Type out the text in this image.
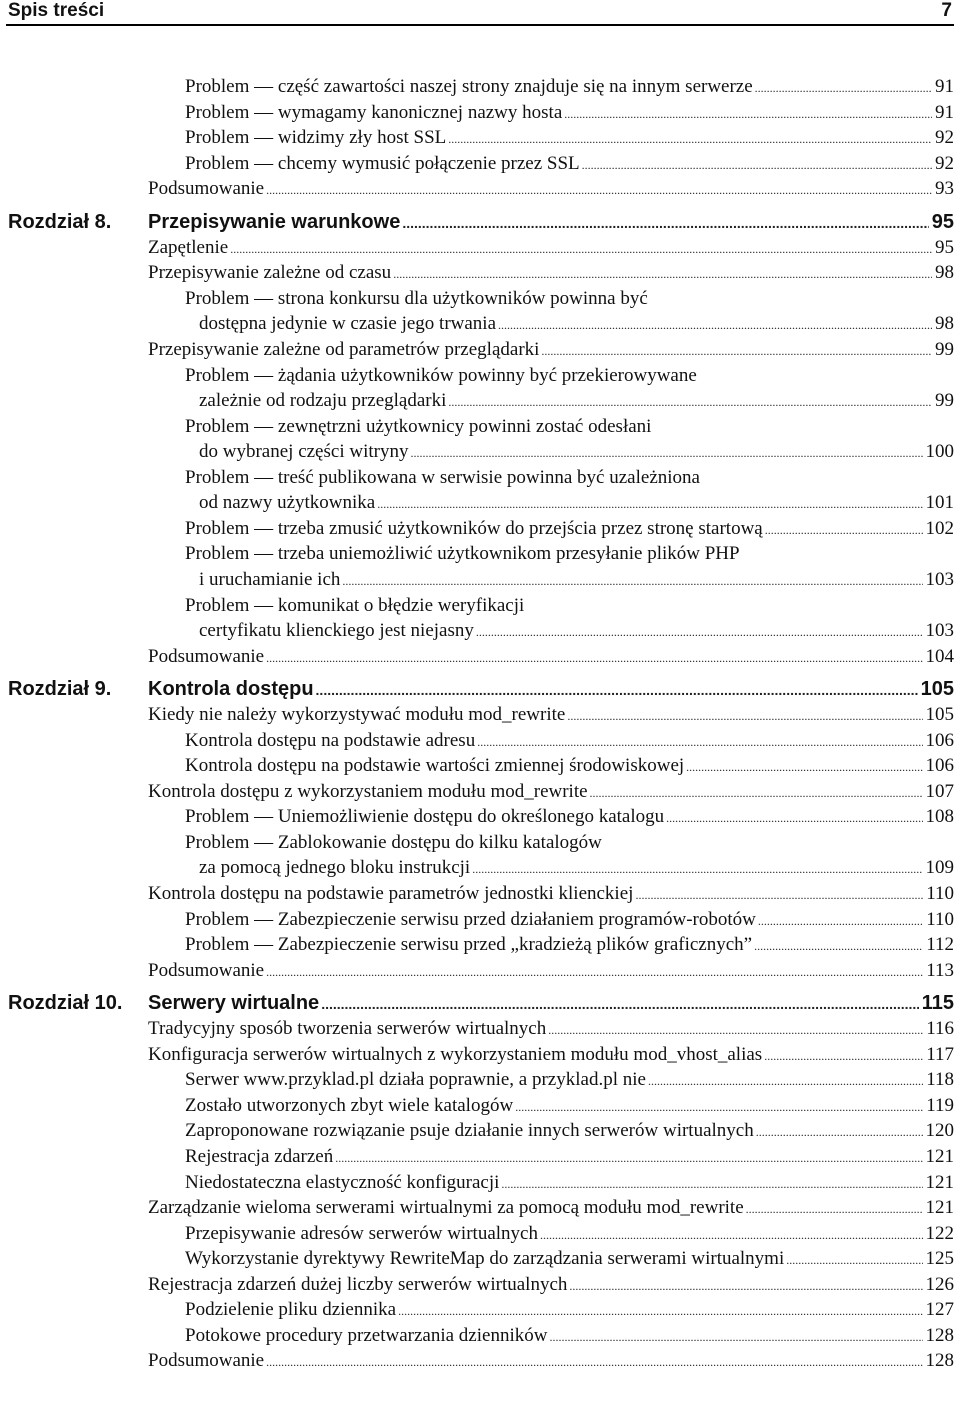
Spis treści	7
Problem — część zawartości naszej strony znajduje się na innym serwerze .....	91
Problem — wymagamy kanonicznej nazwy hosta .....	91
Problem — widzimy zły host SSL .....	92
Problem — chcemy wymusić połączenie przez SSL .....	92
Podsumowanie .....	93
Rozdział 8.	Przepisywanie warunkowe .....	95
Zapętlenie .....	95
Przepisywanie zależne od czasu .....	98
Problem — strona konkursu dla użytkowników powinna być
dostępna jedynie w czasie jego trwania .....	98
Przepisywanie zależne od parametrów przeglądarki .....	99
Problem — żądania użytkowników powinny być przekierowywane
zależnie od rodzaju przeglądarki .....	99
Problem — zewnętrzni użytkownicy powinni zostać odesłani
do wybranej części witryny .....	100
Problem — treść publikowana w serwisie powinna być uzależniona
od nazwy użytkownika .....	101
Problem — trzeba zmusić użytkowników do przejścia przez stronę startową .....	102
Problem — trzeba uniemożliwić użytkownikom przesyłanie plików PHP
i uruchamianie ich .....	103
Problem — komunikat o błędzie weryfikacji
certyfikatu klienckiego jest niejasny .....	103
Podsumowanie .....	104
Rozdział 9.	Kontrola dostępu .....	105
Kiedy nie należy wykorzystywać modułu mod_rewrite .....	105
Kontrola dostępu na podstawie adresu .....	106
Kontrola dostępu na podstawie wartości zmiennej środowiskowej .....	106
Kontrola dostępu z wykorzystaniem modułu mod_rewrite .....	107
Problem — Uniemożliwienie dostępu do określonego katalogu .....	108
Problem — Zablokowanie dostępu do kilku katalogów
za pomocą jednego bloku instrukcji .....	109
Kontrola dostępu na podstawie parametrów jednostki klienckiej .....	110
Problem — Zabezpieczenie serwisu przed działaniem programów-robotów .....	110
Problem — Zabezpieczenie serwisu przed „kradzieżą plików graficznych” .....	112
Podsumowanie .....	113
Rozdział 10.	Serwery wirtualne .....	115
Tradycyjny sposób tworzenia serwerów wirtualnych .....	116
Konfiguracja serwerów wirtualnych z wykorzystaniem modułu mod_vhost_alias .....	117
Serwer www.przyklad.pl działa poprawnie, a przyklad.pl nie .....	118
Zostało utworzonych zbyt wiele katalogów .....	119
Zaproponowane rozwiązanie psuje działanie innych serwerów wirtualnych .....	120
Rejestracja zdarzeń .....	121
Niedostateczna elastyczność konfiguracji .....	121
Zarządzanie wieloma serwerami wirtualnymi za pomocą modułu mod_rewrite .....	121
Przepisywanie adresów serwerów wirtualnych .....	122
Wykorzystanie dyrektywy RewriteMap do zarządzania serwerami wirtualnymi .....	125
Rejestracja zdarzeń dużej liczby serwerów wirtualnych .....	126
Podzielenie pliku dziennika .....	127
Potokowe procedury przetwarzania dzienników .....	128
Podsumowanie .....	128
